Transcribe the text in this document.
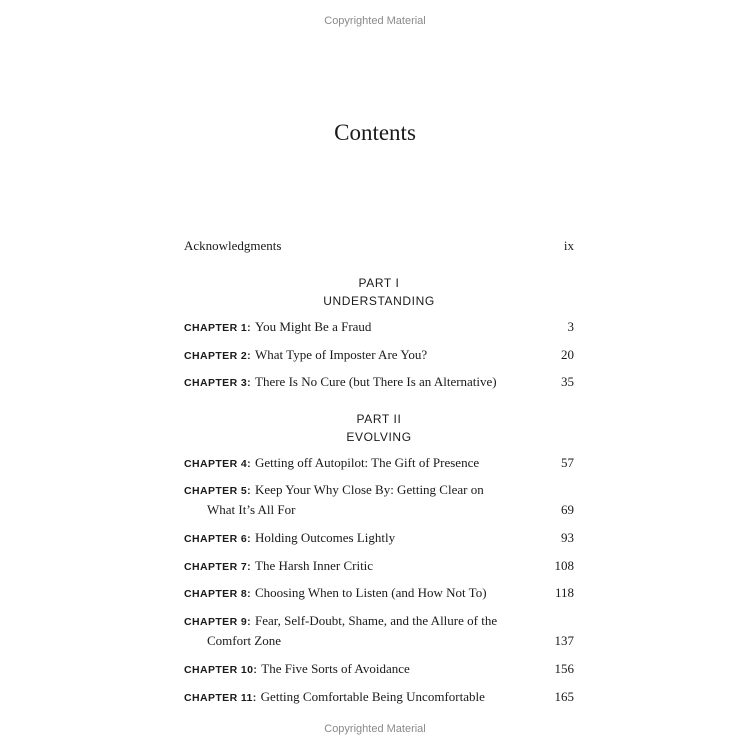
Copyrighted Material
Contents
Acknowledgments	ix
PART I
UNDERSTANDING
CHAPTER 1: You Might Be a Fraud	3
CHAPTER 2: What Type of Imposter Are You?	20
CHAPTER 3: There Is No Cure (but There Is an Alternative)	35
PART II
EVOLVING
CHAPTER 4: Getting off Autopilot: The Gift of Presence	57
CHAPTER 5: Keep Your Why Close By: Getting Clear on
What It’s All For	69
CHAPTER 6: Holding Outcomes Lightly	93
CHAPTER 7: The Harsh Inner Critic	108
CHAPTER 8: Choosing When to Listen (and How Not To)	118
CHAPTER 9: Fear, Self-Doubt, Shame, and the Allure of the
Comfort Zone	137
CHAPTER 10: The Five Sorts of Avoidance	156
CHAPTER 11: Getting Comfortable Being Uncomfortable	165
Copyrighted Material
